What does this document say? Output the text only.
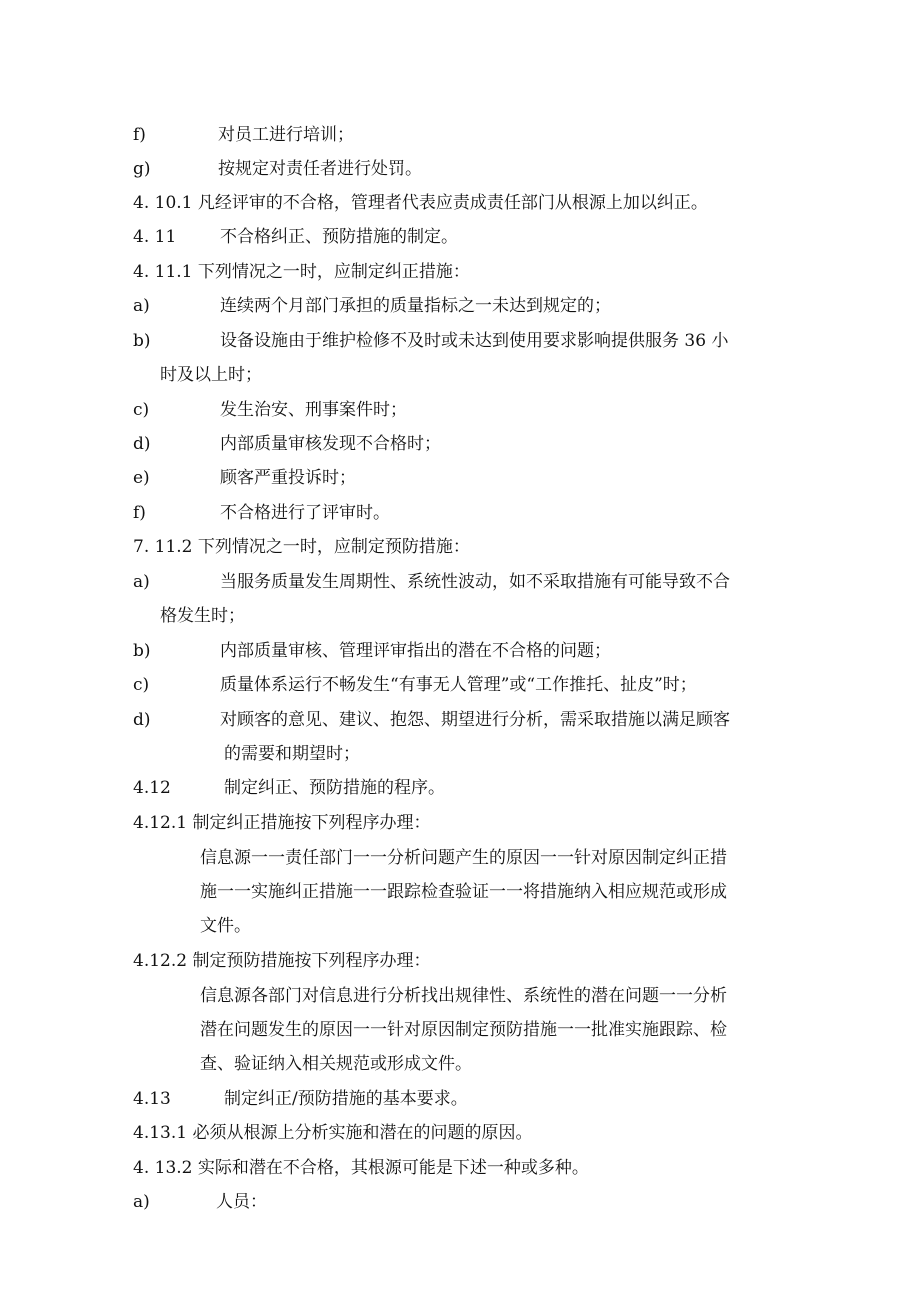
f)	对员工进行培训；
g)	按规定对责任者进行处罚。
4. 10.1 凡经评审的不合格，管理者代表应责成责任部门从根源上加以纠正。
4. 11	不合格纠正、预防措施的制定。
4. 11.1 下列情况之一时，应制定纠正措施：
a)	连续两个月部门承担的质量指标之一未达到规定的；
b)	设备设施由于维护检修不及时或未达到使用要求影响提供服务 36 小
时及以上时；
c)	发生治安、刑事案件时；
d)	内部质量审核发现不合格时；
e)	顾客严重投诉时；
f)	不合格进行了评审时。
7. 11.2 下列情况之一时，应制定预防措施：
a)	当服务质量发生周期性、系统性波动，如不采取措施有可能导致不合
格发生时；
b)	内部质量审核、管理评审指出的潜在不合格的问题；
c)	质量体系运行不畅发生“有事无人管理”或“工作推托、扯皮”时；
d)	对顾客的意见、建议、抱怨、期望进行分析，需采取措施以满足顾客
的需要和期望时；
4.12	制定纠正、预防措施的程序。
4.12.1 制定纠正措施按下列程序办理：
信息源一一责任部门一一分析问题产生的原因一一针对原因制定纠正措
施一一实施纠正措施一一跟踪检查验证一一将措施纳入相应规范或形成
文件。
4.12.2 制定预防措施按下列程序办理：
信息源各部门对信息进行分析找出规律性、系统性的潜在问题一一分析
潜在问题发生的原因一一针对原因制定预防措施一一批准实施跟踪、检
查、验证纳入相关规范或形成文件。
4.13	制定纠正/预防措施的基本要求。
4.13.1 必须从根源上分析实施和潜在的问题的原因。
4. 13.2 实际和潜在不合格，其根源可能是下述一种或多种。
a)	人员：
